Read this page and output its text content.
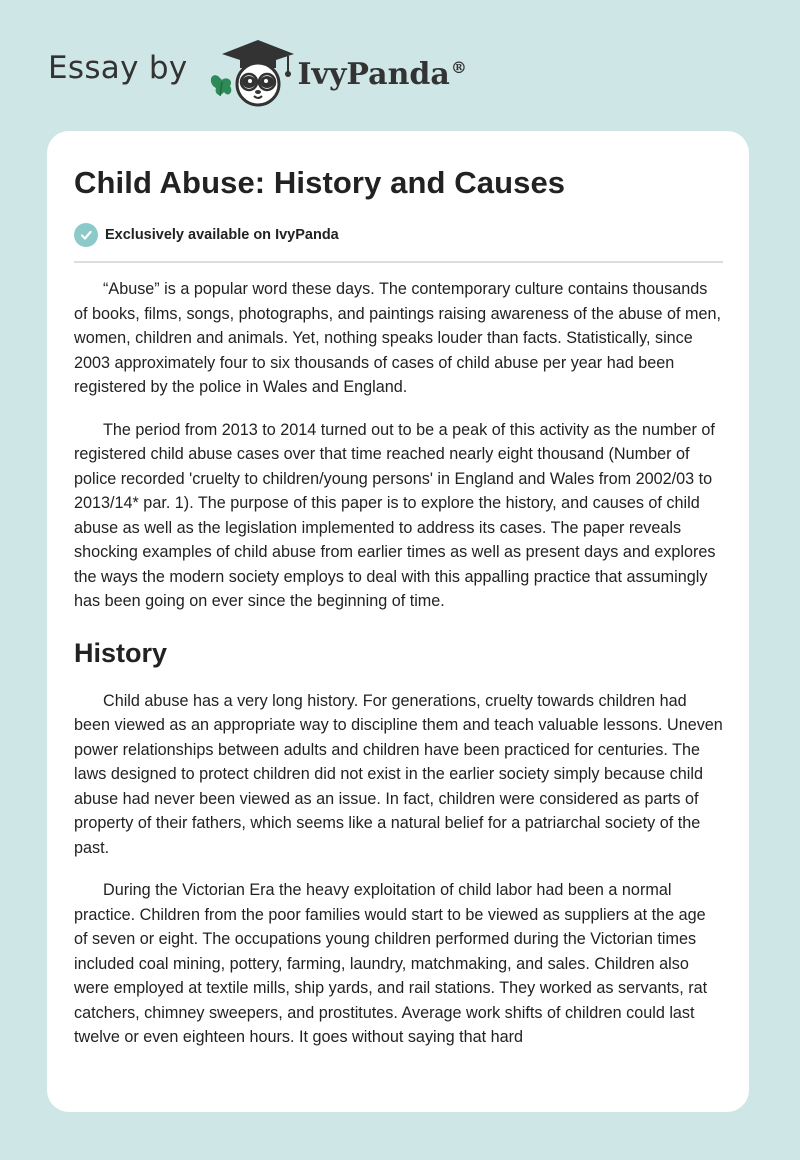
Essay by	IvyPanda®
Child Abuse: History and Causes
Exclusively available on IvyPanda

“Abuse” is a popular word these days. The contemporary culture contains thousands of books, films, songs, photographs, and paintings raising awareness of the abuse of men, women, children and animals. Yet, nothing speaks louder than facts. Statistically, since 2003 approximately four to six thousands of cases of child abuse per year had been registered by the police in Wales and England.

The period from 2013 to 2014 turned out to be a peak of this activity as the number of registered child abuse cases over that time reached nearly eight thousand (Number of police recorded 'cruelty to children/young persons' in England and Wales from 2002/03 to 2013/14* par. 1). The purpose of this paper is to explore the history, and causes of child abuse as well as the legislation implemented to address its cases. The paper reveals shocking examples of child abuse from earlier times as well as present days and explores the ways the modern society employs to deal with this appalling practice that assumingly has been going on ever since the beginning of time.

History

Child abuse has a very long history. For generations, cruelty towards children had been viewed as an appropriate way to discipline them and teach valuable lessons. Uneven power relationships between adults and children have been practiced for centuries. The laws designed to protect children did not exist in the earlier society simply because child abuse had never been viewed as an issue. In fact, children were considered as parts of property of their fathers, which seems like a natural belief for a patriarchal society of the past.

During the Victorian Era the heavy exploitation of child labor had been a normal practice. Children from the poor families would start to be viewed as suppliers at the age of seven or eight. The occupations young children performed during the Victorian times included coal mining, pottery, farming, laundry, matchmaking, and sales. Children also were employed at textile mills, ship yards, and rail stations. They worked as servants, rat catchers, chimney sweepers, and prostitutes. Average work shifts of children could last twelve or even eighteen hours. It goes without saying that hard
